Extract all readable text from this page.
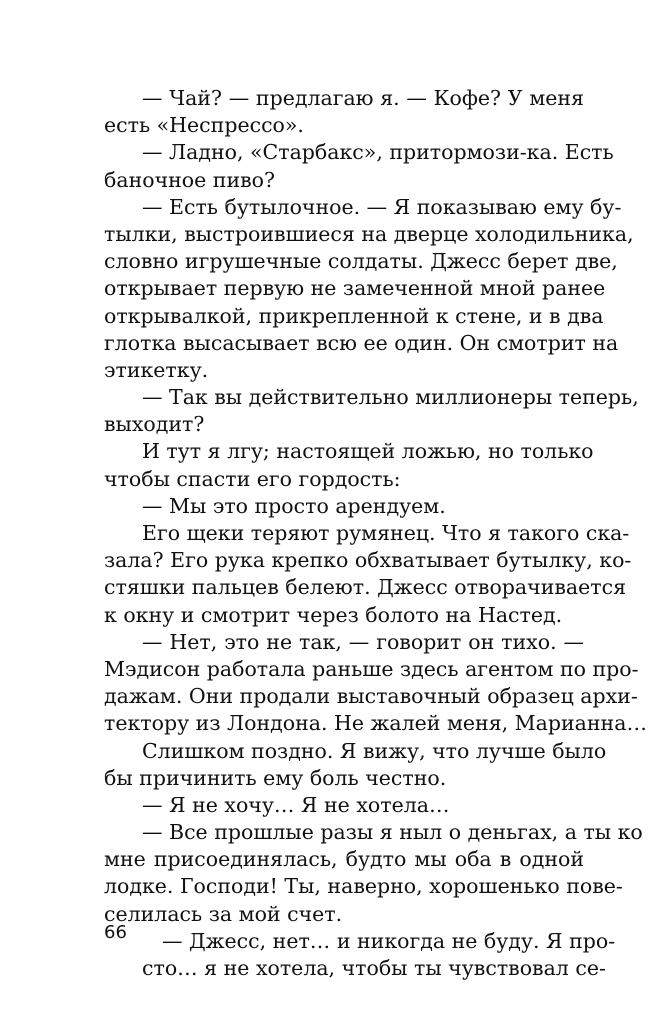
— Чай? — предлагаю я. — Кофе? У меня
есть «Неспрессо».
— Ладно, «Старбакс», притормози-ка. Есть
баночное пиво?
— Есть бутылочное. — Я показываю ему бу-
тылки, выстроившиеся на дверце холодильника,
словно игрушечные солдаты. Джесс берет две,
открывает первую не замеченной мной ранее
открывалкой, прикрепленной к стене, и в два
глотка высасывает всю ее один. Он смотрит на
этикетку.
— Так вы действительно миллионеры теперь,
выходит?
И тут я лгу; настоящей ложью, но только
чтобы спасти его гордость:
— Мы это просто арендуем.
Его щеки теряют румянец. Что я такого ска-
зала? Его рука крепко обхватывает бутылку, ко-
стяшки пальцев белеют. Джесс отворачивается
к окну и смотрит через болото на Настед.
— Нет, это не так, — говорит он тихо. —
Мэдисон работала раньше здесь агентом по про-
дажам. Они продали выставочный образец архи-
тектору из Лондона. Не жалей меня, Марианна…
Слишком поздно. Я вижу, что лучше было
бы причинить ему боль честно.
— Я не хочу… Я не хотела…
— Все прошлые разы я ныл о деньгах, а ты ко
мне присоединялась, будто мы оба в одной
лодке. Господи! Ты, наверно, хорошенько пове-
селилась за мой счет.
— Джесс, нет… и никогда не буду. Я про-
сто… я не хотела, чтобы ты чувствовал се-
66
